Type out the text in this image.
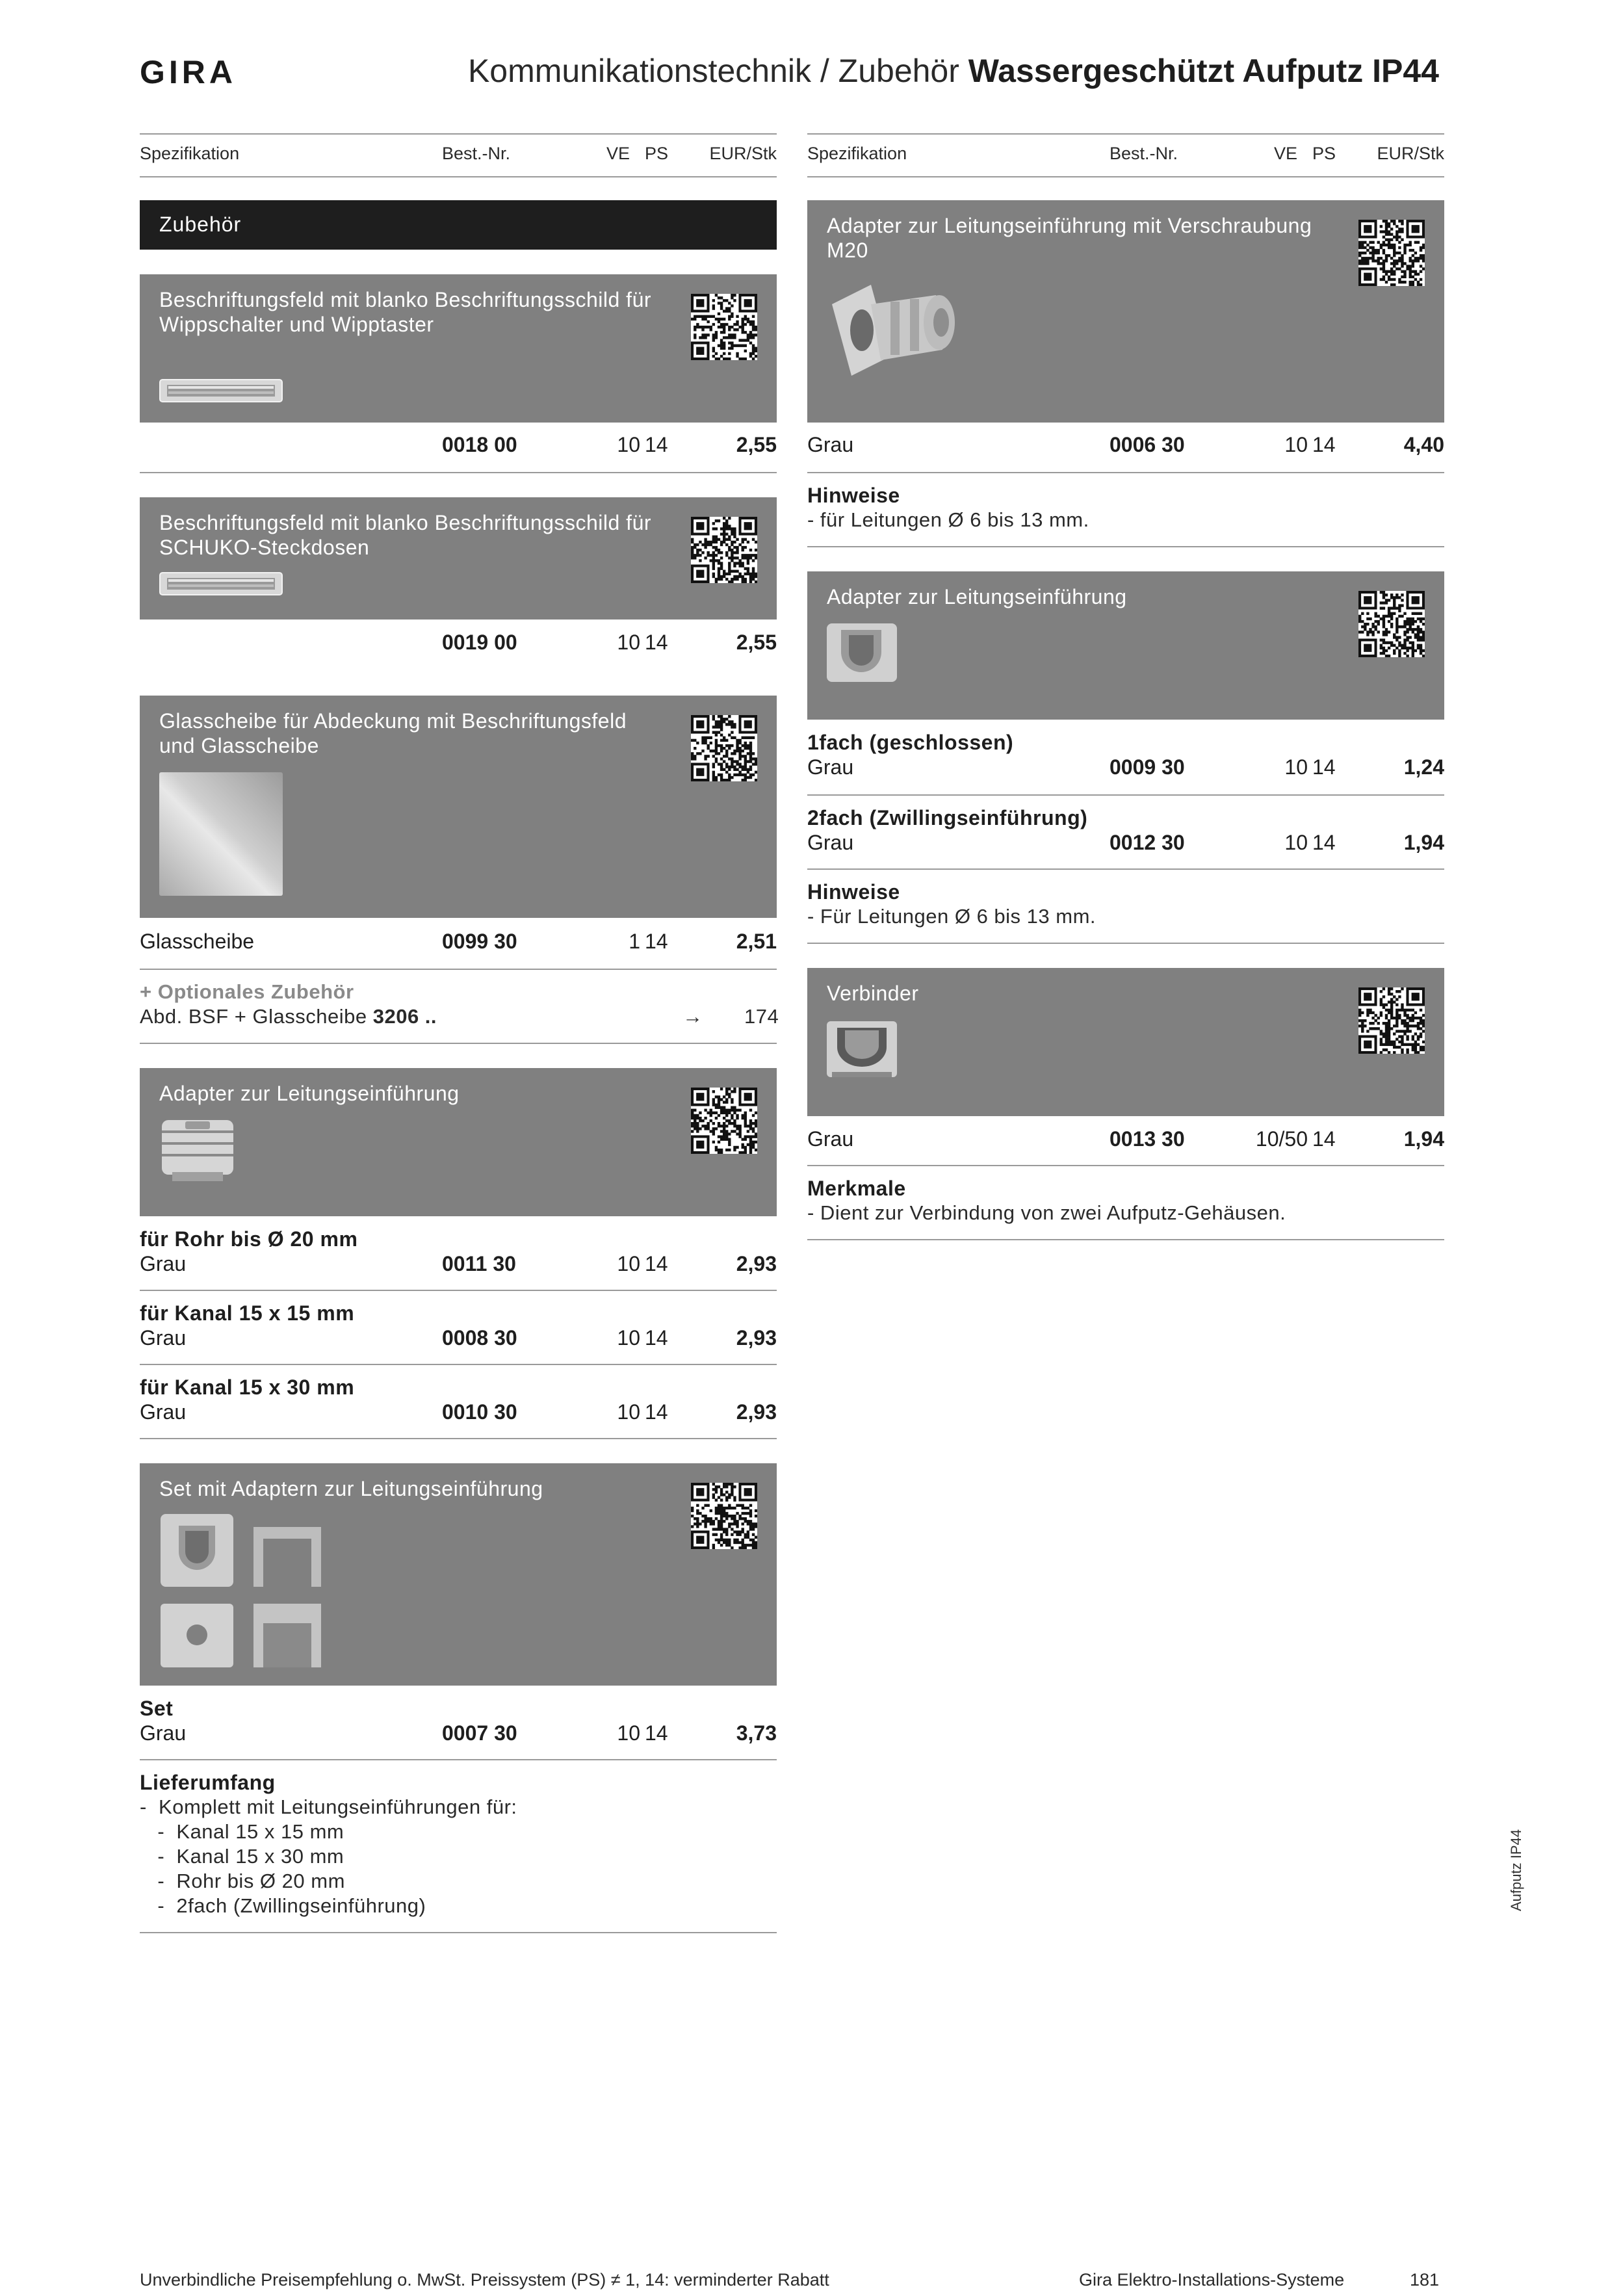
GIRA	Kommunikationstechnik / Zubehör Wassergeschützt Aufputz IP44
Spezifikation	Best.-Nr.	VE PS EUR/Stk
Zubehör
Beschriftungsfeld mit blanko Beschriftungsschild für Wippschalter und Wipptaster
0018 00	10 14	2,55
Beschriftungsfeld mit blanko Beschriftungsschild für SCHUKO-Steckdosen
0019 00	10 14	2,55
Glasscheibe für Abdeckung mit Beschriftungsfeld und Glasscheibe
Glasscheibe	0099 30	1 14	2,51
+ Optionales Zubehör
Abd. BSF + Glasscheibe 3206 ..	→ 174
Adapter zur Leitungseinführung
für Rohr bis Ø 20 mm
Grau	0011 30	10 14	2,93
für Kanal 15 x 15 mm
Grau	0008 30	10 14	2,93
für Kanal 15 x 30 mm
Grau	0010 30	10 14	2,93
Set mit Adaptern zur Leitungseinführung
Set
Grau	0007 30	10 14	3,73
Lieferumfang
-  Komplett mit Leitungseinführungen für:
-  Kanal 15 x 15 mm
-  Kanal 15 x 30 mm
-  Rohr bis Ø 20 mm
-  2fach (Zwillingseinführung)
Spezifikation	Best.-Nr.	VE PS EUR/Stk
Adapter zur Leitungseinführung mit Verschraubung M20
Grau	0006 30	10 14	4,40
Hinweise
- für Leitungen Ø 6 bis 13 mm.
Adapter zur Leitungseinführung
1fach (geschlossen)
Grau	0009 30	10 14	1,24
2fach (Zwillingseinführung)
Grau	0012 30	10 14	1,94
Hinweise
- Für Leitungen Ø 6 bis 13 mm.
Verbinder
Grau	0013 30	10/50 14	1,94
Merkmale
- Dient zur Verbindung von zwei Aufputz-Gehäusen.
Aufputz IP44
Unverbindliche Preisempfehlung o. MwSt. Preissystem (PS) ≠ 1, 14: verminderter Rabatt	Gira Elektro-Installations-Systeme	181
